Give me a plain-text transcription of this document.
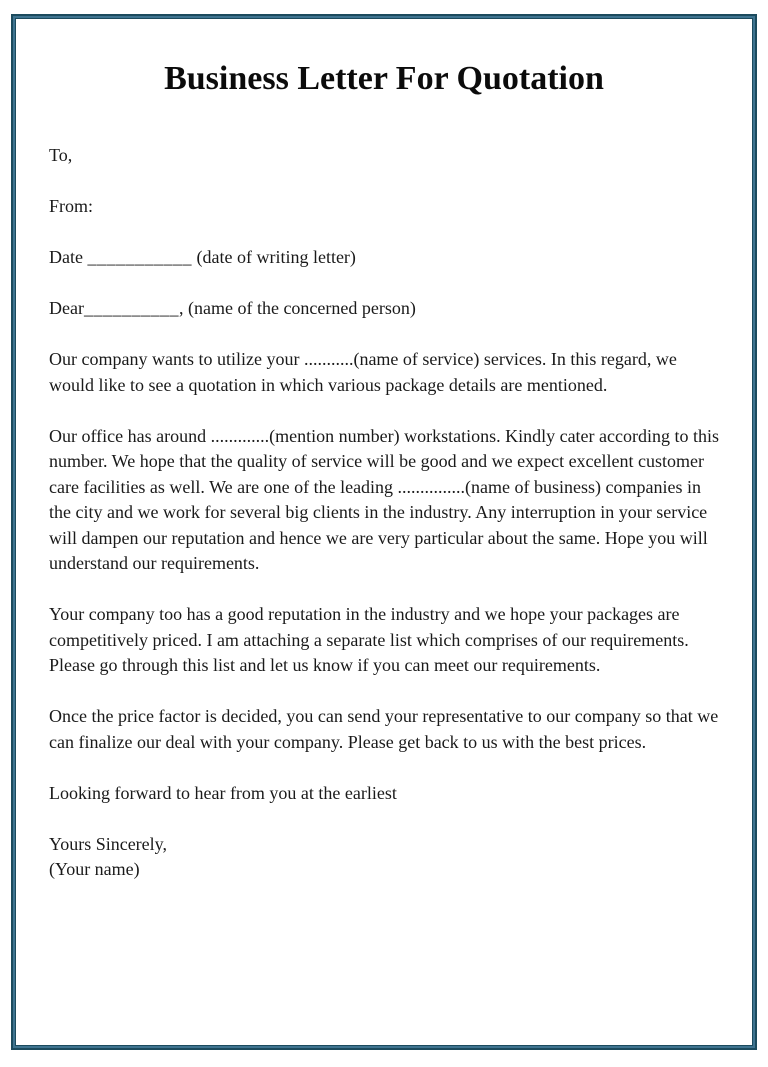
Business Letter For Quotation

To,

From:

Date ___________ (date of writing letter)

Dear__________, (name of the concerned person)

Our company wants to utilize your ...........(name of service) services. In this regard, we would like to see a quotation in which various package details are mentioned.

Our office has around .............(mention number) workstations. Kindly cater according to this number. We hope that the quality of service will be good and we expect excellent customer care facilities as well. We are one of the leading ...............(name of business) companies in the city and we work for several big clients in the industry. Any interruption in your service will dampen our reputation and hence we are very particular about the same. Hope you will understand our requirements.

Your company too has a good reputation in the industry and we hope your packages are competitively priced. I am attaching a separate list which comprises of our requirements. Please go through this list and let us know if you can meet our requirements.

Once the price factor is decided, you can send your representative to our company so that we can finalize our deal with your company. Please get back to us with the best prices.

Looking forward to hear from you at the earliest

Yours Sincerely,
(Your name)
